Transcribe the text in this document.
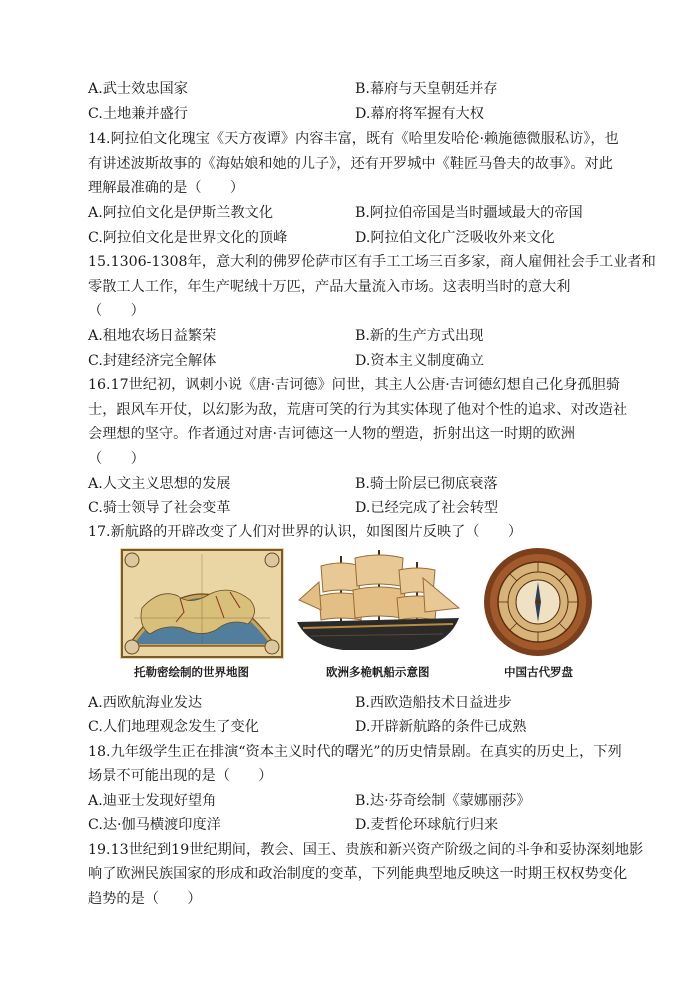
A.武士效忠国家	B.幕府与天皇朝廷并存
C.土地兼并盛行	D.幕府将军握有大权
14.阿拉伯文化瑰宝《天方夜谭》内容丰富，既有《哈里发哈伦·赖施德微服私访》，也
有讲述波斯故事的《海姑娘和她的儿子》，还有开罗城中《鞋匠马鲁夫的故事》。对此
理解最准确的是（　　）
A.阿拉伯文化是伊斯兰教文化	B.阿拉伯帝国是当时疆域最大的帝国
C.阿拉伯文化是世界文化的顶峰	D.阿拉伯文化广泛吸收外来文化
15.1306-1308年，意大利的佛罗伦萨市区有手工工场三百多家，商人雇佣社会手工业者和
零散工人工作，年生产呢绒十万匹，产品大量流入市场。这表明当时的意大利
（　　）
A.租地农场日益繁荣	B.新的生产方式出现
C.封建经济完全解体	D.资本主义制度确立
16.17世纪初，讽刺小说《唐·吉诃德》问世，其主人公唐·吉诃德幻想自己化身孤胆骑
士，跟风车开仗，以幻影为敌，荒唐可笑的行为其实体现了他对个性的追求、对改造社
会理想的坚守。作者通过对唐·吉诃德这一人物的塑造，折射出这一时期的欧洲
（　　）
A.人文主义思想的发展	B.骑士阶层已彻底衰落
C.骑士领导了社会变革	D.已经完成了社会转型
17.新航路的开辟改变了人们对世界的认识，如图图片反映了（　　）
托勒密绘制的世界地图	欧洲多桅帆船示意图	中国古代罗盘
A.西欧航海业发达	B.西欧造船技术日益进步
C.人们地理观念发生了变化	D.开辟新航路的条件已成熟
18.九年级学生正在排演“资本主义时代的曙光”的历史情景剧。在真实的历史上，下列
场景不可能出现的是（　　）
A.迪亚士发现好望角	B.达·芬奇绘制《蒙娜丽莎》
C.达·伽马横渡印度洋	D.麦哲伦环球航行归来
19.13世纪到19世纪期间，教会、国王、贵族和新兴资产阶级之间的斗争和妥协深刻地影
响了欧洲民族国家的形成和政治制度的变革，下列能典型地反映这一时期王权权势变化
趋势的是（　　）
